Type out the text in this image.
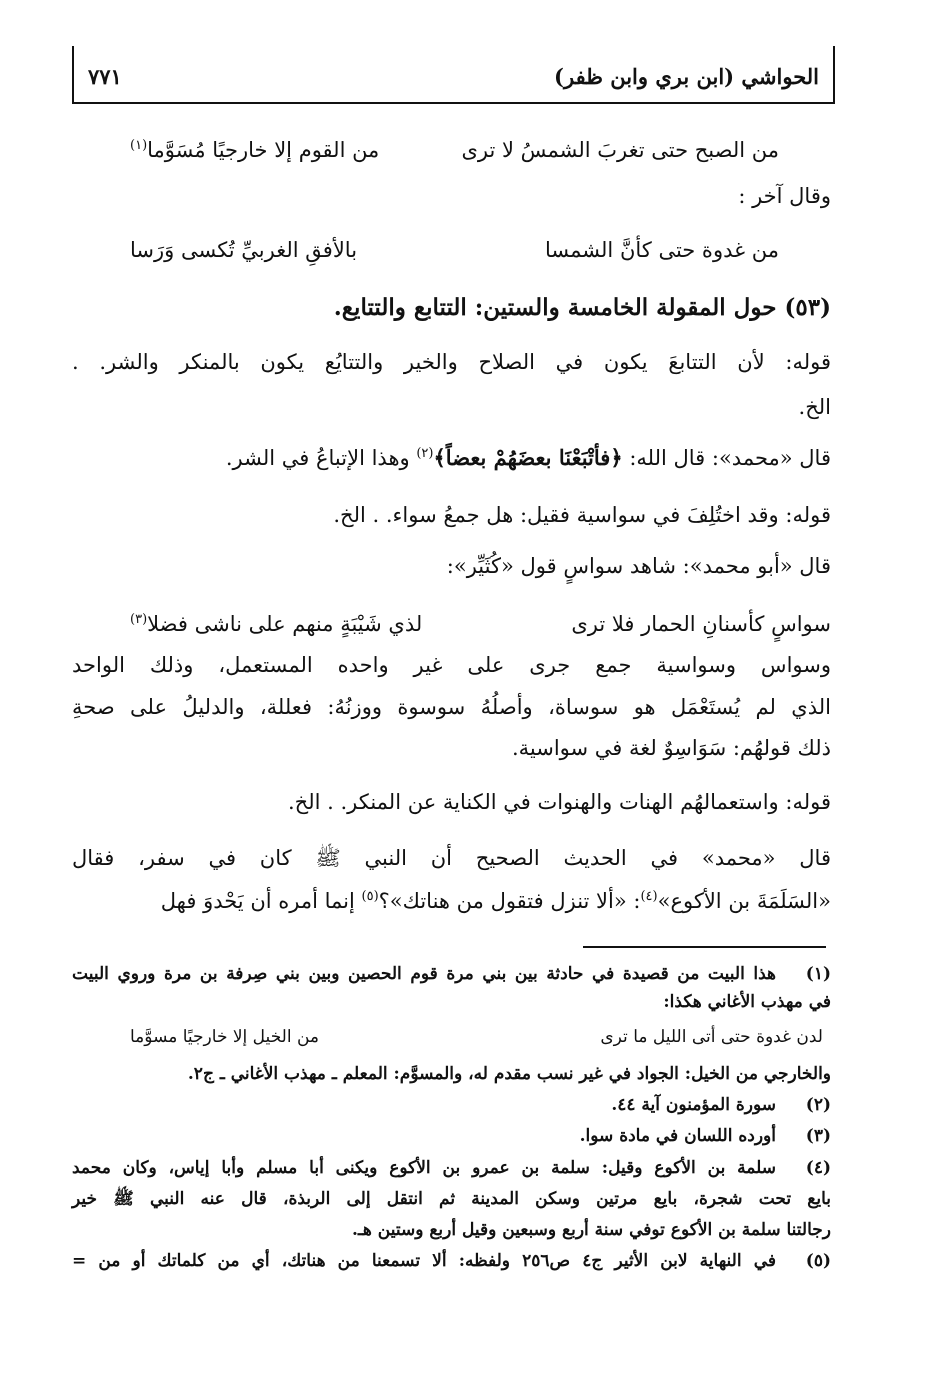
الحواشي (ابن بري وابن ظفر)
٧٧١
من الصبح حتى تغربَ الشمسُ لا ترى
من القوم إلا خارجيًا مُسَوَّما$^{(١)}$
وقال آخر :
من غدوة حتى كأنَّ الشمسا
بالأفقِ الغربيِّ تُكسى وَرَسا
(٥٣) حول المقولة الخامسة والستين: التتابع والتتايع.
قوله: لأن التتابعَ يكون في الصلاح والخير والتتايُع يكون بالمنكر والشر. .
الخ.
قال «محمد»: قال الله: ﴿فأتْبَعْنَا بعضَهُمْ بعضاً﴾$^{(٢)}$ وهذا الإتباعُ في الشر.
قوله: وقد اختُلِفَ في سواسية فقيل: هل جمعُ سواء. . الخ.
قال «أبو محمد»: شاهد سواسٍ قول «كُثَيِّر»:
سواسٍ كأسنانِ الحمار فلا ترى
لذي شَيْبَةٍ منهم على ناشى فضلا$^{(٣)}$
وسواس وسواسية جمع جرى على غير واحده المستعمل، وذلك الواحد
الذي لم يُستَعْمَل هو سوساة، وأصلُهُ سوسوة ووزنُهُ: فعللة، والدليلُ على صحةِ
ذلك قولهُم: سَوَاسِوٌ لغة في سواسية.
قوله: واستعمالهُم الهنات والهنوات في الكناية عن المنكر. . الخ.
قال «محمد» في الحديث الصحيح أن النبي ﷺ كان في سفر، فقال
«السَلَمَةَ بن الأكوع»$^{(٤)}$: «ألا تنزل فتقول من هناتك»؟$^{(٥)}$ إنما أمره أن يَحْدوَ فهل
(١)
هذا البيت من قصيدة في حادثة بين بني مرة قوم الحصين وبين بني صِرفة بن مرة وروي البيت
في مهذب الأغاني هكذا:
لدن غدوة حتى أتى الليل ما ترى
من الخيل إلا خارجيًا مسوَّما
والخارجي من الخيل: الجواد في غير نسب مقدم له، والمسوَّم: المعلم ـ مهذب الأغاني ـ ج٢.
(٢)
سورة المؤمنون آية ٤٤.
(٣)
أورده اللسان في مادة سوا.
(٤)
سلمة بن الأكوع وقيل: سلمة بن عمرو بن الأكوع ويكنى أبا مسلم وأبا إياس، وكان محمد
بايع تحت شجرة، بايع مرتين وسكن المدينة ثم انتقل إلى الربذة، قال عنه النبي ﷺ خير
رجالتنا سلمة بن الأكوع توفي سنة أربع وسبعين وقيل أربع وستين هـ.
(٥)
في النهاية لابن الأثير ج٤ ص٢٥٦ ولفظه: ألا تسمعنا من هناتك، أي من كلماتك أو من =
